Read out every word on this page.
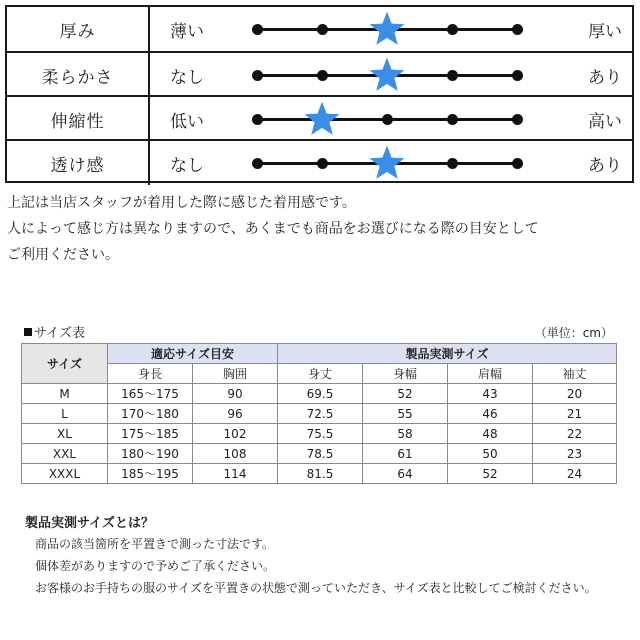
厚み	薄い	厚い
柔らかさ	なし	あり
伸縮性	低い	高い
透け感	なし	あり
上記は当店スタッフが着用した際に感じた着用感です。
人によって感じ方は異なりますので、あくまでも商品をお選びになる際の目安として
ご利用ください。
サイズ表	（単位：cm）
サイズ	適応サイズ目安		製品実測サイズ			
	身長	胸囲	身丈	身幅	肩幅	袖丈
M	165～175	90	69.5	52	43	20
L	170～180	96	72.5	55	46	21
XL	175～185	102	75.5	58	48	22
XXL	180～190	108	78.5	61	50	23
XXXL	185～195	114	81.5	64	52	24
製品実測サイズとは？
商品の該当箇所を平置きで測った寸法です。
個体差がありますので予めご了承ください。
お客様のお手持ちの服のサイズを平置きの状態で測っていただき、サイズ表と比較してご検討ください。
